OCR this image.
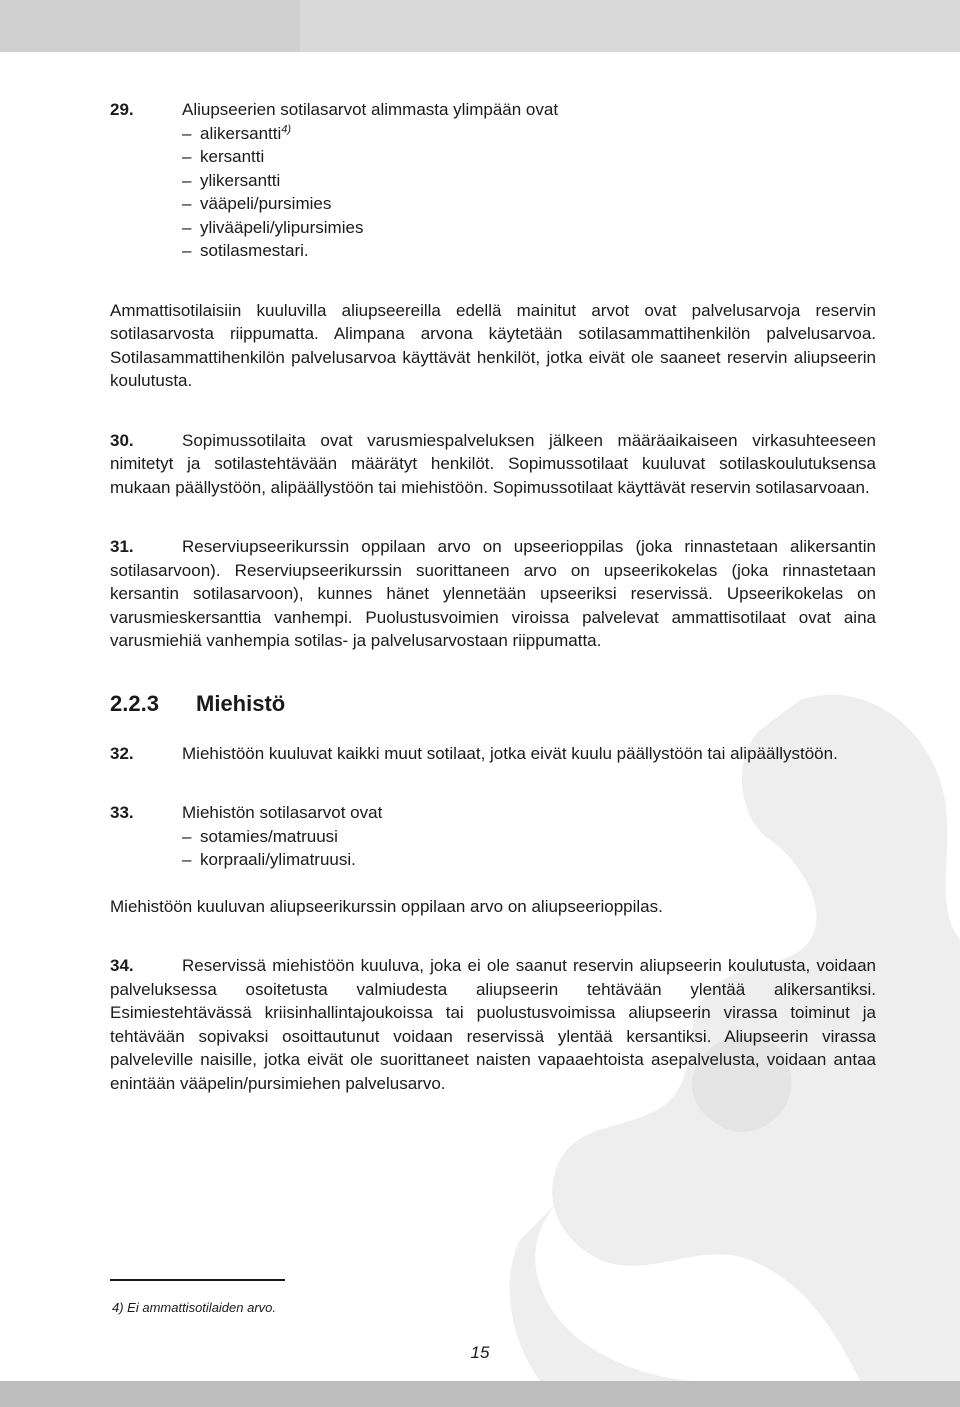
29.	Aliupseerien sotilasarvot alimmasta ylimpään ovat

– alikersantti$^{4)}$
– kersantti
– ylikersantti
– vääpeli/pursimies
– ylivääpeli/ylipursimies
– sotilasmestari.

Ammattisotilaisiin kuuluvilla aliupseereilla edellä mainitut arvot ovat palvelusarvoja reservin sotilasarvosta riippumatta. Alimpana arvona käytetään sotilasammattihenkilön palvelusarvoa. Sotilasammattihenkilön palvelusarvoa käyttävät henkilöt, jotka eivät ole saaneet reservin aliupseerin koulutusta.

30.	Sopimussotilaita ovat varusmiespalveluksen jälkeen määräaikaiseen virkasuhteeseen nimitetyt ja sotilastehtävään määrätyt henkilöt. Sopimussotilaat kuuluvat sotilaskoulutuksensa mukaan päällystöön, alipäällystöön tai miehistöön. Sopimussotilaat käyttävät reservin sotilasarvoaan.

31.	Reserviupseerikurssin oppilaan arvo on upseerioppilas (joka rinnastetaan alikersantin sotilasarvoon). Reserviupseerikurssin suorittaneen arvo on upseerikokelas (joka rinnastetaan kersantin sotilasarvoon), kunnes hänet ylennetään upseeriksi reservissä. Upseerikokelas on varusmieskersanttia vanhempi. Puolustusvoimien viroissa palvelevat ammattisotilaat ovat aina varusmiehiä vanhempia sotilas- ja palvelusarvostaan riippumatta.

2.2.3 Miehistö

32.	Miehistöön kuuluvat kaikki muut sotilaat, jotka eivät kuulu päällystöön tai alipäällystöön.

33.	Miehistön sotilasarvot ovat

– sotamies/matruusi
– korpraali/ylimatruusi.

Miehistöön kuuluvan aliupseerikurssin oppilaan arvo on aliupseerioppilas.

34.	Reservissä miehistöön kuuluva, joka ei ole saanut reservin aliupseerin koulutusta, voidaan palveluksessa osoitetusta valmiudesta aliupseerin tehtävään ylentää alikersantiksi. Esimiestehtävässä kriisinhallintajoukoissa tai puolustusvoimissa aliupseerin virassa toiminut ja tehtävään sopivaksi osoittautunut voidaan reservissä ylentää kersantiksi. Aliupseerin virassa palveleville naisille, jotka eivät ole suorittaneet naisten vapaaehtoista asepalvelusta, voidaan antaa enintään vääpelin/pursimiehen palvelusarvo.

4) Ei ammattisotilaiden arvo.
15
